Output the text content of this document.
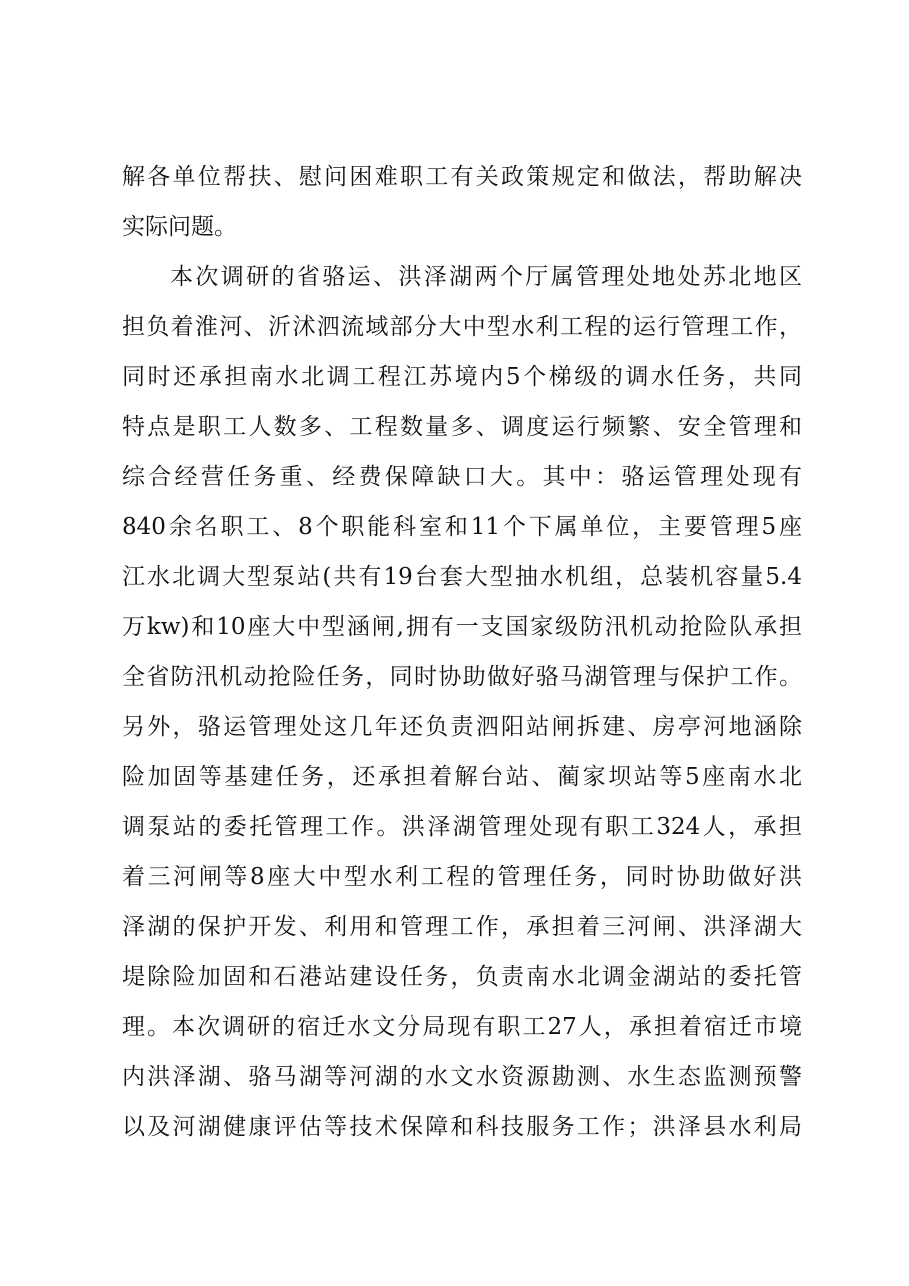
解各单位帮扶、慰问困难职工有关政策规定和做法，帮助解决
实际问题。
本次调研的省骆运、洪泽湖两个厅属管理处地处苏北地区
担负着淮河、沂沭泗流域部分大中型水利工程的运行管理工作，
同时还承担南水北调工程江苏境内5个梯级的调水任务，共同
特点是职工人数多、工程数量多、调度运行频繁、安全管理和
综合经营任务重、经费保障缺口大。其中：骆运管理处现有
840余名职工、8个职能科室和11个下属单位，主要管理5座
江水北调大型泵站(共有19台套大型抽水机组，总装机容量5.4
万kw)和10座大中型涵闸,拥有一支国家级防汛机动抢险队承担
全省防汛机动抢险任务，同时协助做好骆马湖管理与保护工作。
另外，骆运管理处这几年还负责泗阳站闸拆建、房亭河地涵除
险加固等基建任务，还承担着解台站、蔺家坝站等5座南水北
调泵站的委托管理工作。洪泽湖管理处现有职工324人，承担
着三河闸等8座大中型水利工程的管理任务，同时协助做好洪
泽湖的保护开发、利用和管理工作，承担着三河闸、洪泽湖大
堤除险加固和石港站建设任务，负责南水北调金湖站的委托管
理。本次调研的宿迁水文分局现有职工27人，承担着宿迁市境
内洪泽湖、骆马湖等河湖的水文水资源勘测、水生态监测预警
以及河湖健康评估等技术保障和科技服务工作；洪泽县水利局
